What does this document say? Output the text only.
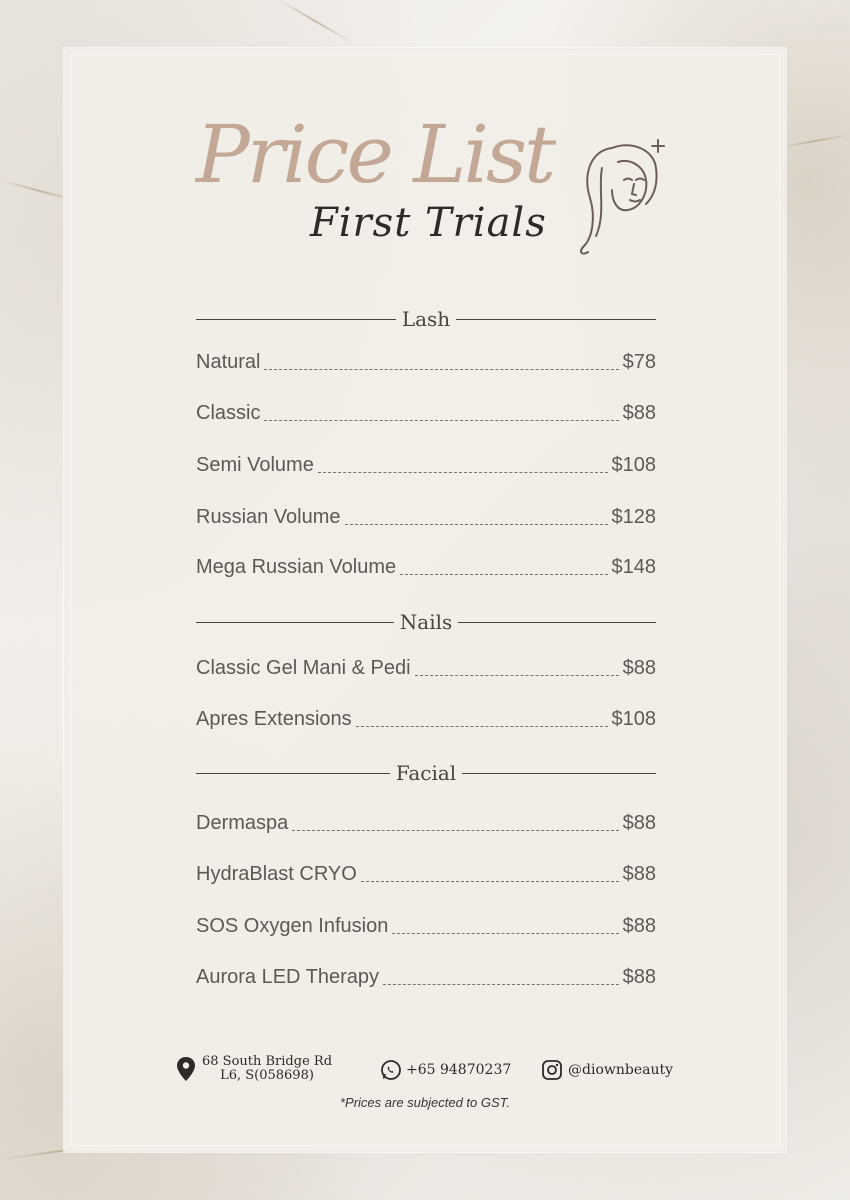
Price List
First Trials
Lash
Natural	$78
Classic	$88
Semi Volume	$108
Russian Volume	$128
Mega Russian Volume	$148
Nails
Classic Gel Mani & Pedi	$88
Apres Extensions	$108
Facial
Dermaspa	$88
HydraBlast CRYO	$88
SOS Oxygen Infusion	$88
Aurora LED Therapy	$88
68 South Bridge Rd
L6, S(058698)	+65 94870237	@diownbeauty
*Prices are subjected to GST.
